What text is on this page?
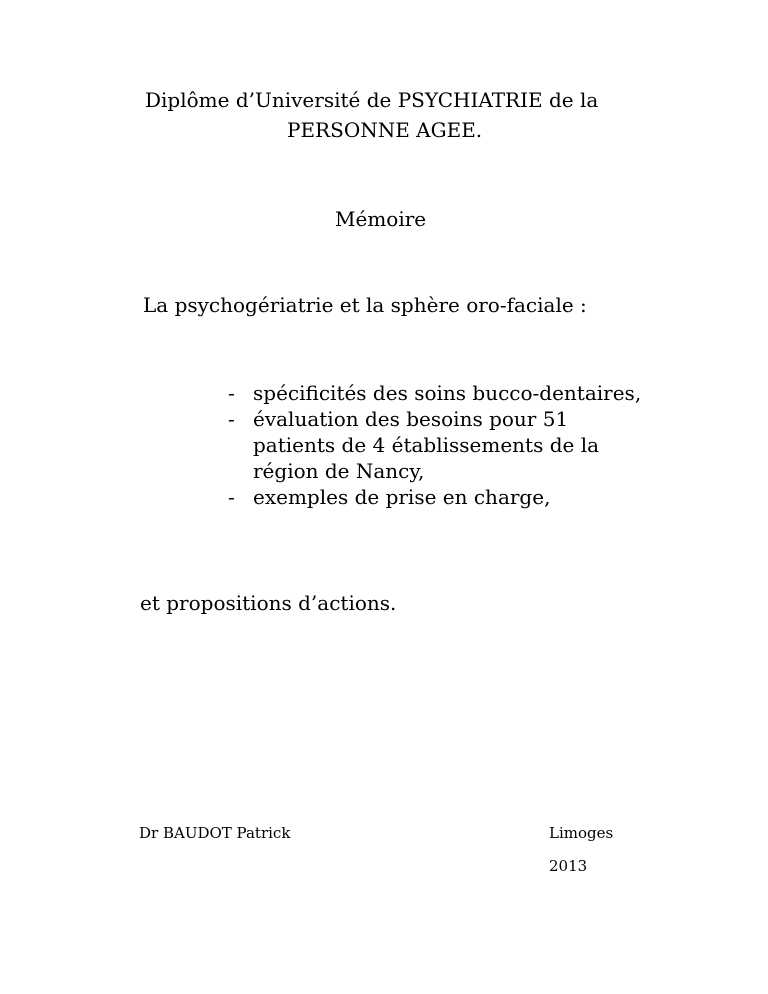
Diplôme d’Université de PSYCHIATRIE de la
PERSONNE AGEE.
Mémoire
La psychogériatrie et la sphère oro-faciale :
- spécificités des soins bucco-dentaires,
- évaluation des besoins pour 51
patients de 4 établissements de la
région de Nancy,
- exemples de prise en charge,
et propositions d’actions.
Dr BAUDOT Patrick	Limoges
2013
